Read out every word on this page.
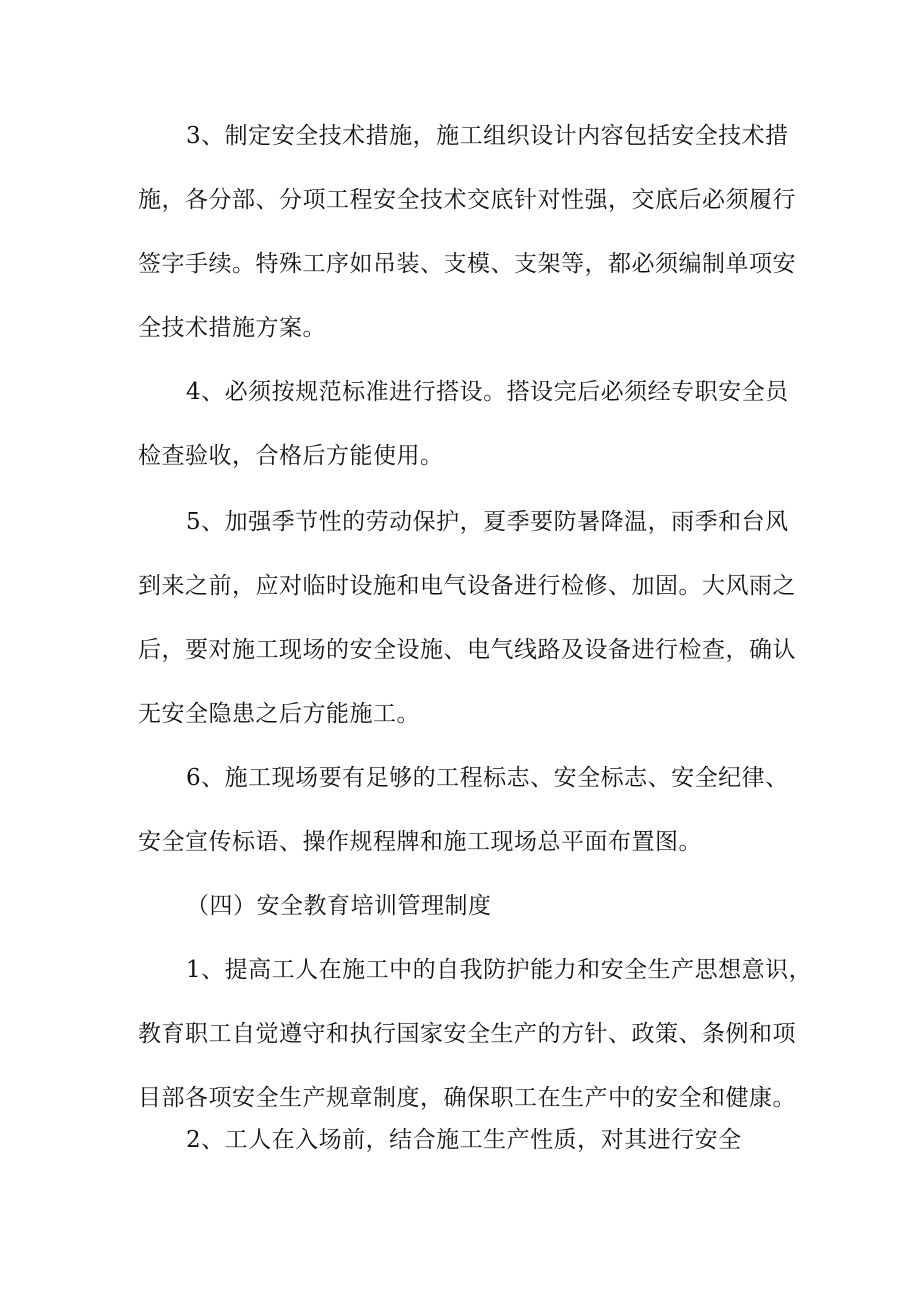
3、制定安全技术措施，施工组织设计内容包括安全技术措
施，各分部、分项工程安全技术交底针对性强，交底后必须履行
签字手续。特殊工序如吊装、支模、支架等，都必须编制单项安
全技术措施方案。
4、必须按规范标准进行搭设。搭设完后必须经专职安全员
检查验收，合格后方能使用。
5、加强季节性的劳动保护，夏季要防暑降温，雨季和台风
到来之前，应对临时设施和电气设备进行检修、加固。大风雨之
后，要对施工现场的安全设施、电气线路及设备进行检查，确认
无安全隐患之后方能施工。
6、施工现场要有足够的工程标志、安全标志、安全纪律、
安全宣传标语、操作规程牌和施工现场总平面布置图。
（四）安全教育培训管理制度
1、提高工人在施工中的自我防护能力和安全生产思想意识，
教育职工自觉遵守和执行国家安全生产的方针、政策、条例和项
目部各项安全生产规章制度，确保职工在生产中的安全和健康。
2、工人在入场前，结合施工生产性质，对其进行安全
